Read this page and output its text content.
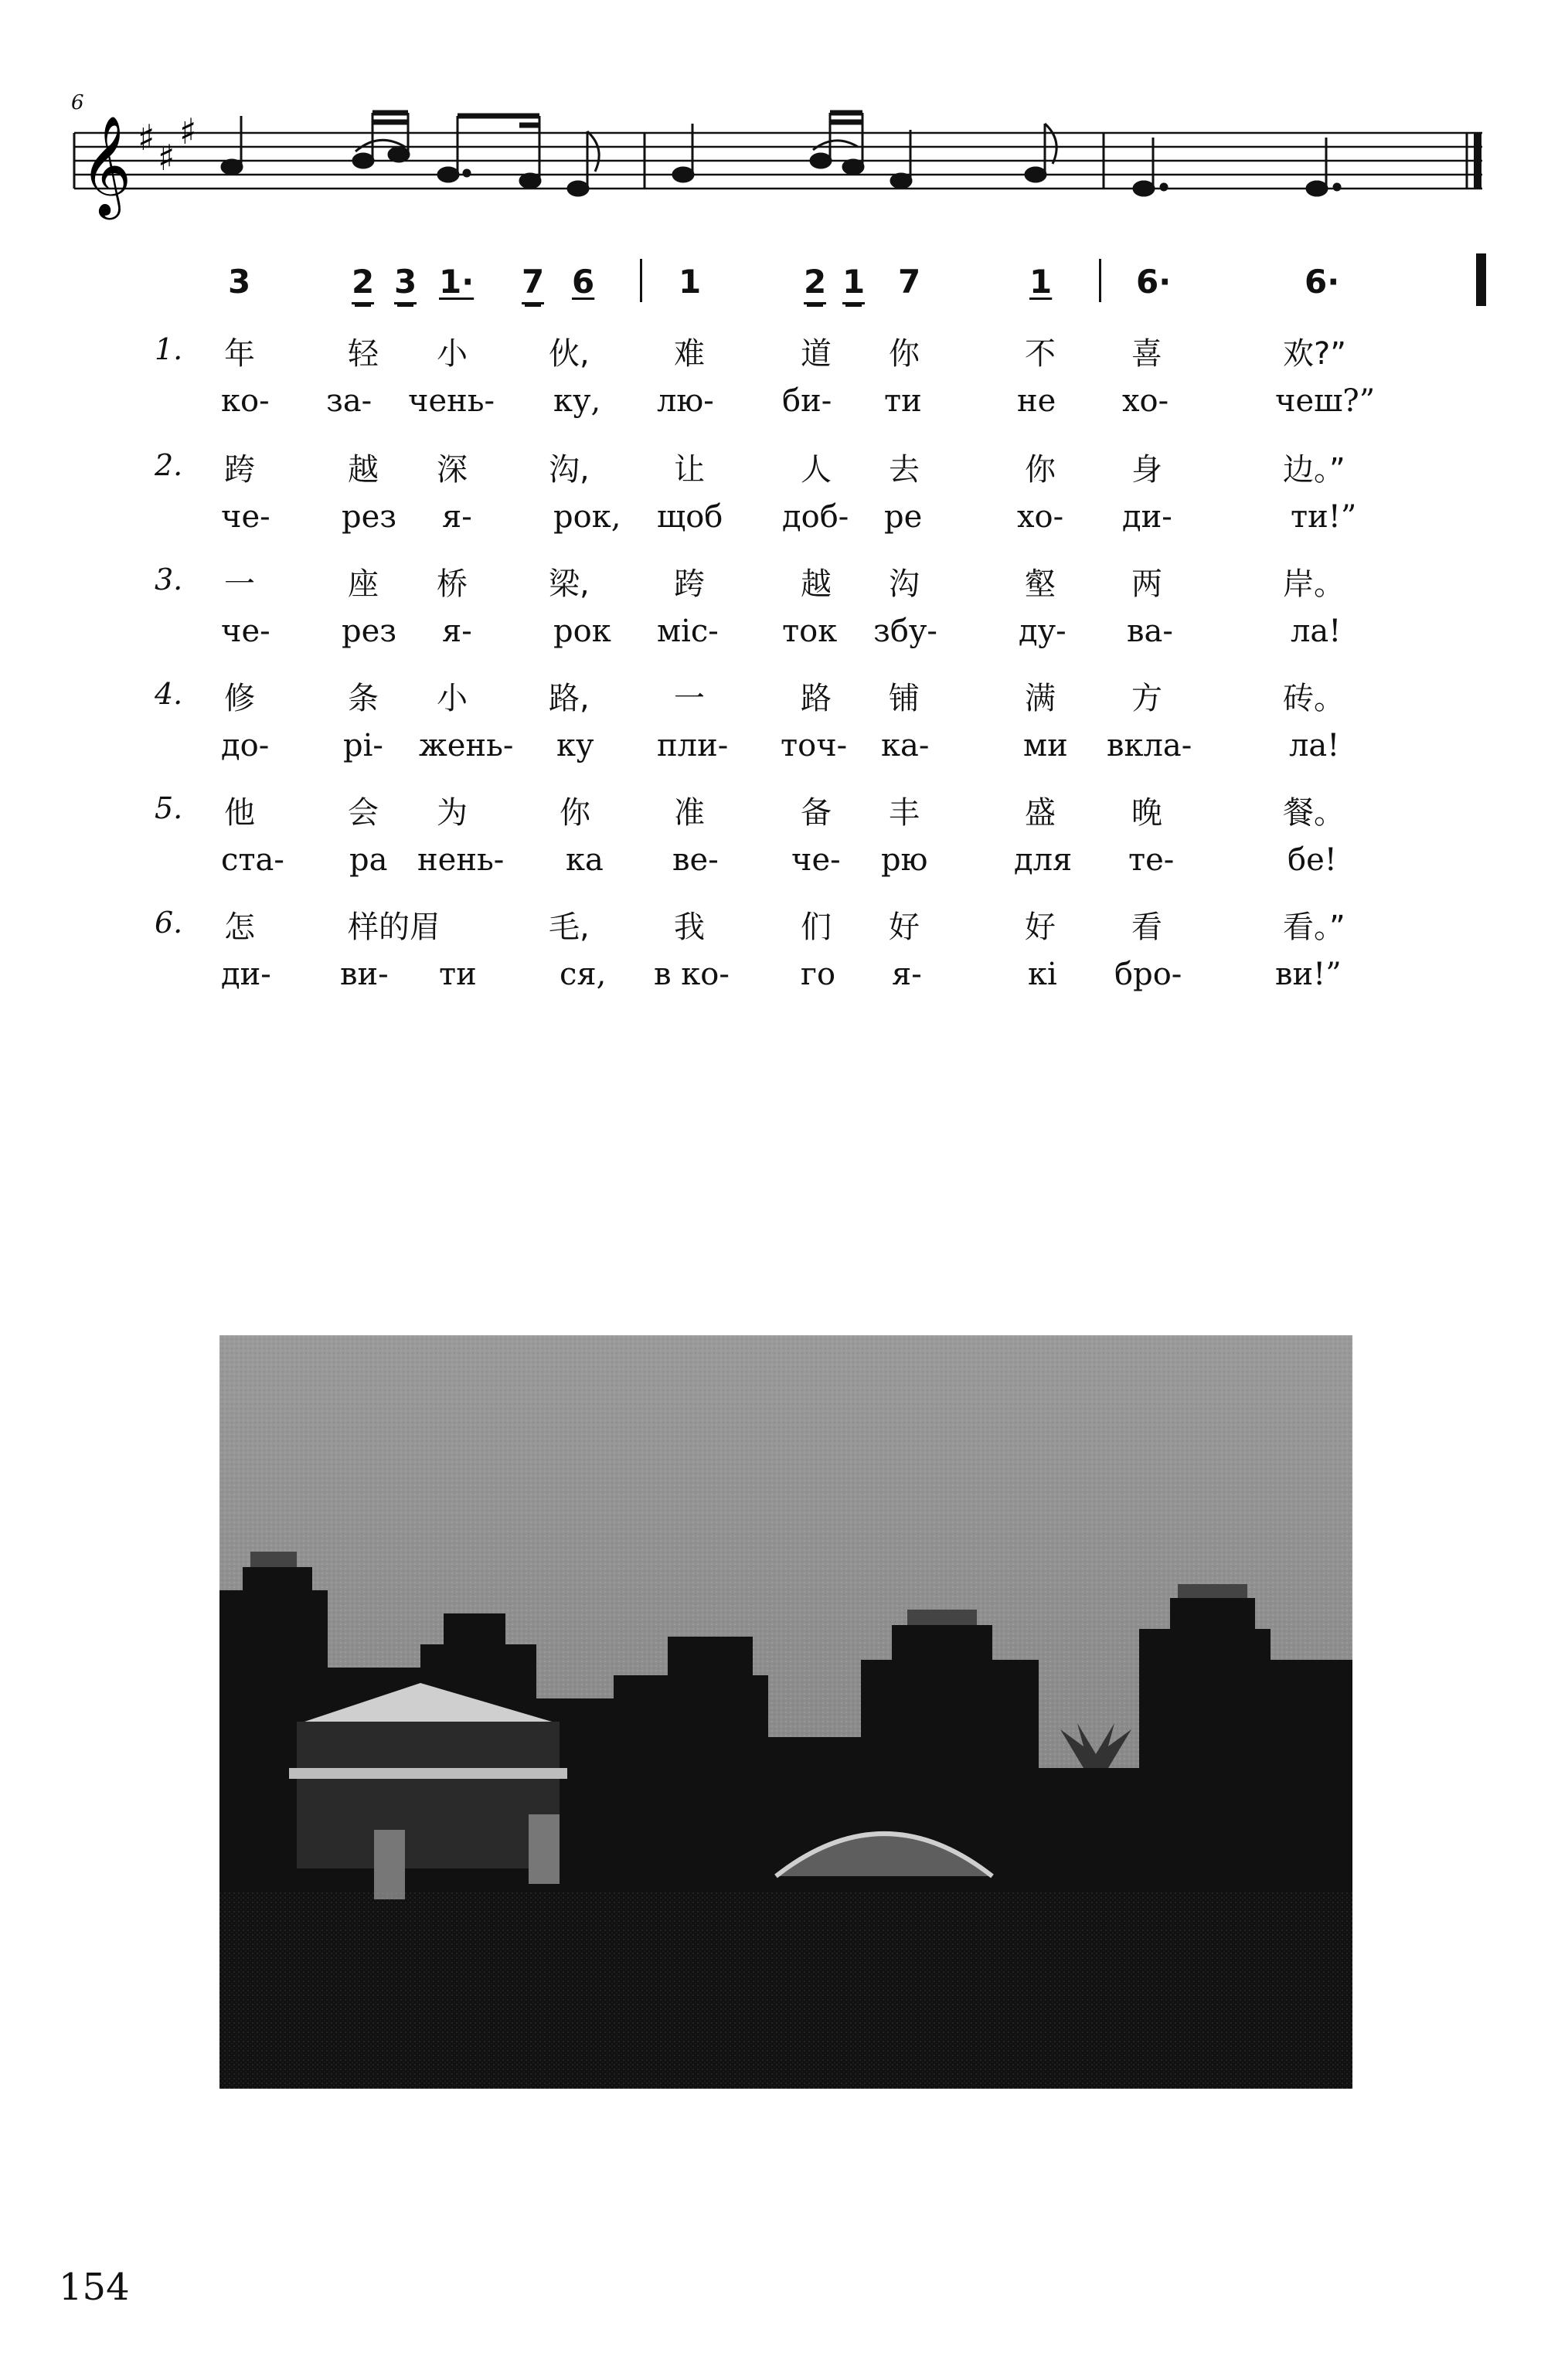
6
𝄞 ♯ ♯
♯
3	2 3 1· 7 6	1	2 1 7	1	6·	6·
1. 年	轻 小	伙,	难	道 你	不 喜	欢?”
ко- за- чень- ку, лю- би- ти	не хо-	чеш?”
2. 跨	越 深	沟,	让	人 去	你 身	边。”
че- рез я-	рок, щоб доб- ре	хо- ди-	ти!”
3. 一	座 桥	梁,	跨	越 沟	壑 两	岸。
че- рез я-	рок міс- ток збу-	ду- ва-	ла!
4. 修	条 小	路,	一	路 铺	满 方	砖。
до- рі- жень- ку пли- точ- ка-	ми вкла-	ла!
5. 他	会 为	你	准	备 丰	盛 晚	餐。
ста- ра нень- ка ве- че- рю	для те-	бе!
6. 怎	样的眉	毛,	我	们 好	好 看	看。”
ди- ви- ти	ся, в ко- го я-	кі бро-	ви!”
154
